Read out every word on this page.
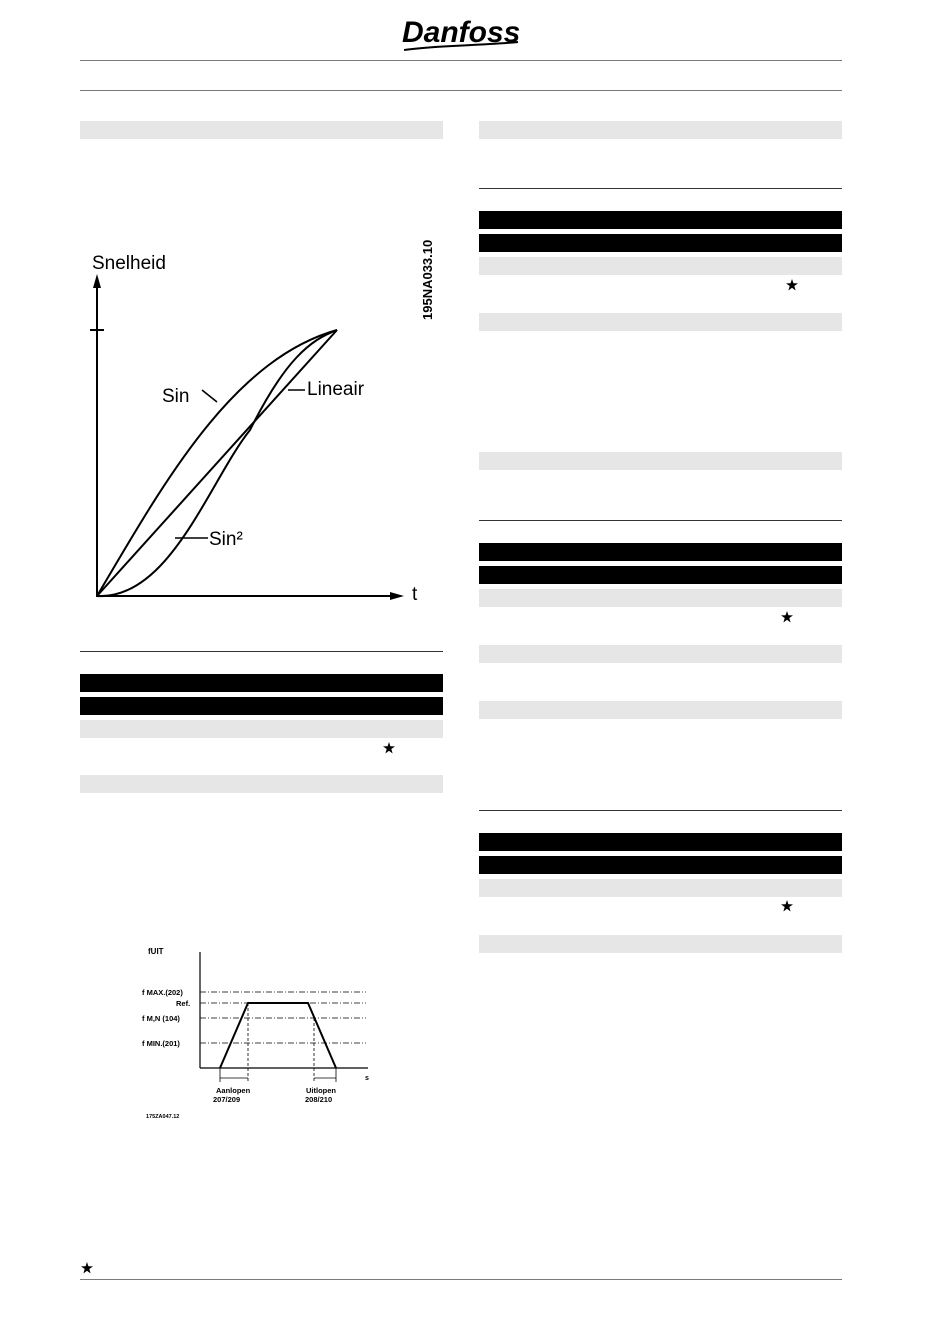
Danfoss
Snelheid
t
Sin	Lineair
Sin²
195NA033.10
fUIT
s
f MAX.(202)
Ref.
f M,N (104)
f MIN.(201)
Aanlopen
207/209
Uitlopen
208/210
175ZA047.12
